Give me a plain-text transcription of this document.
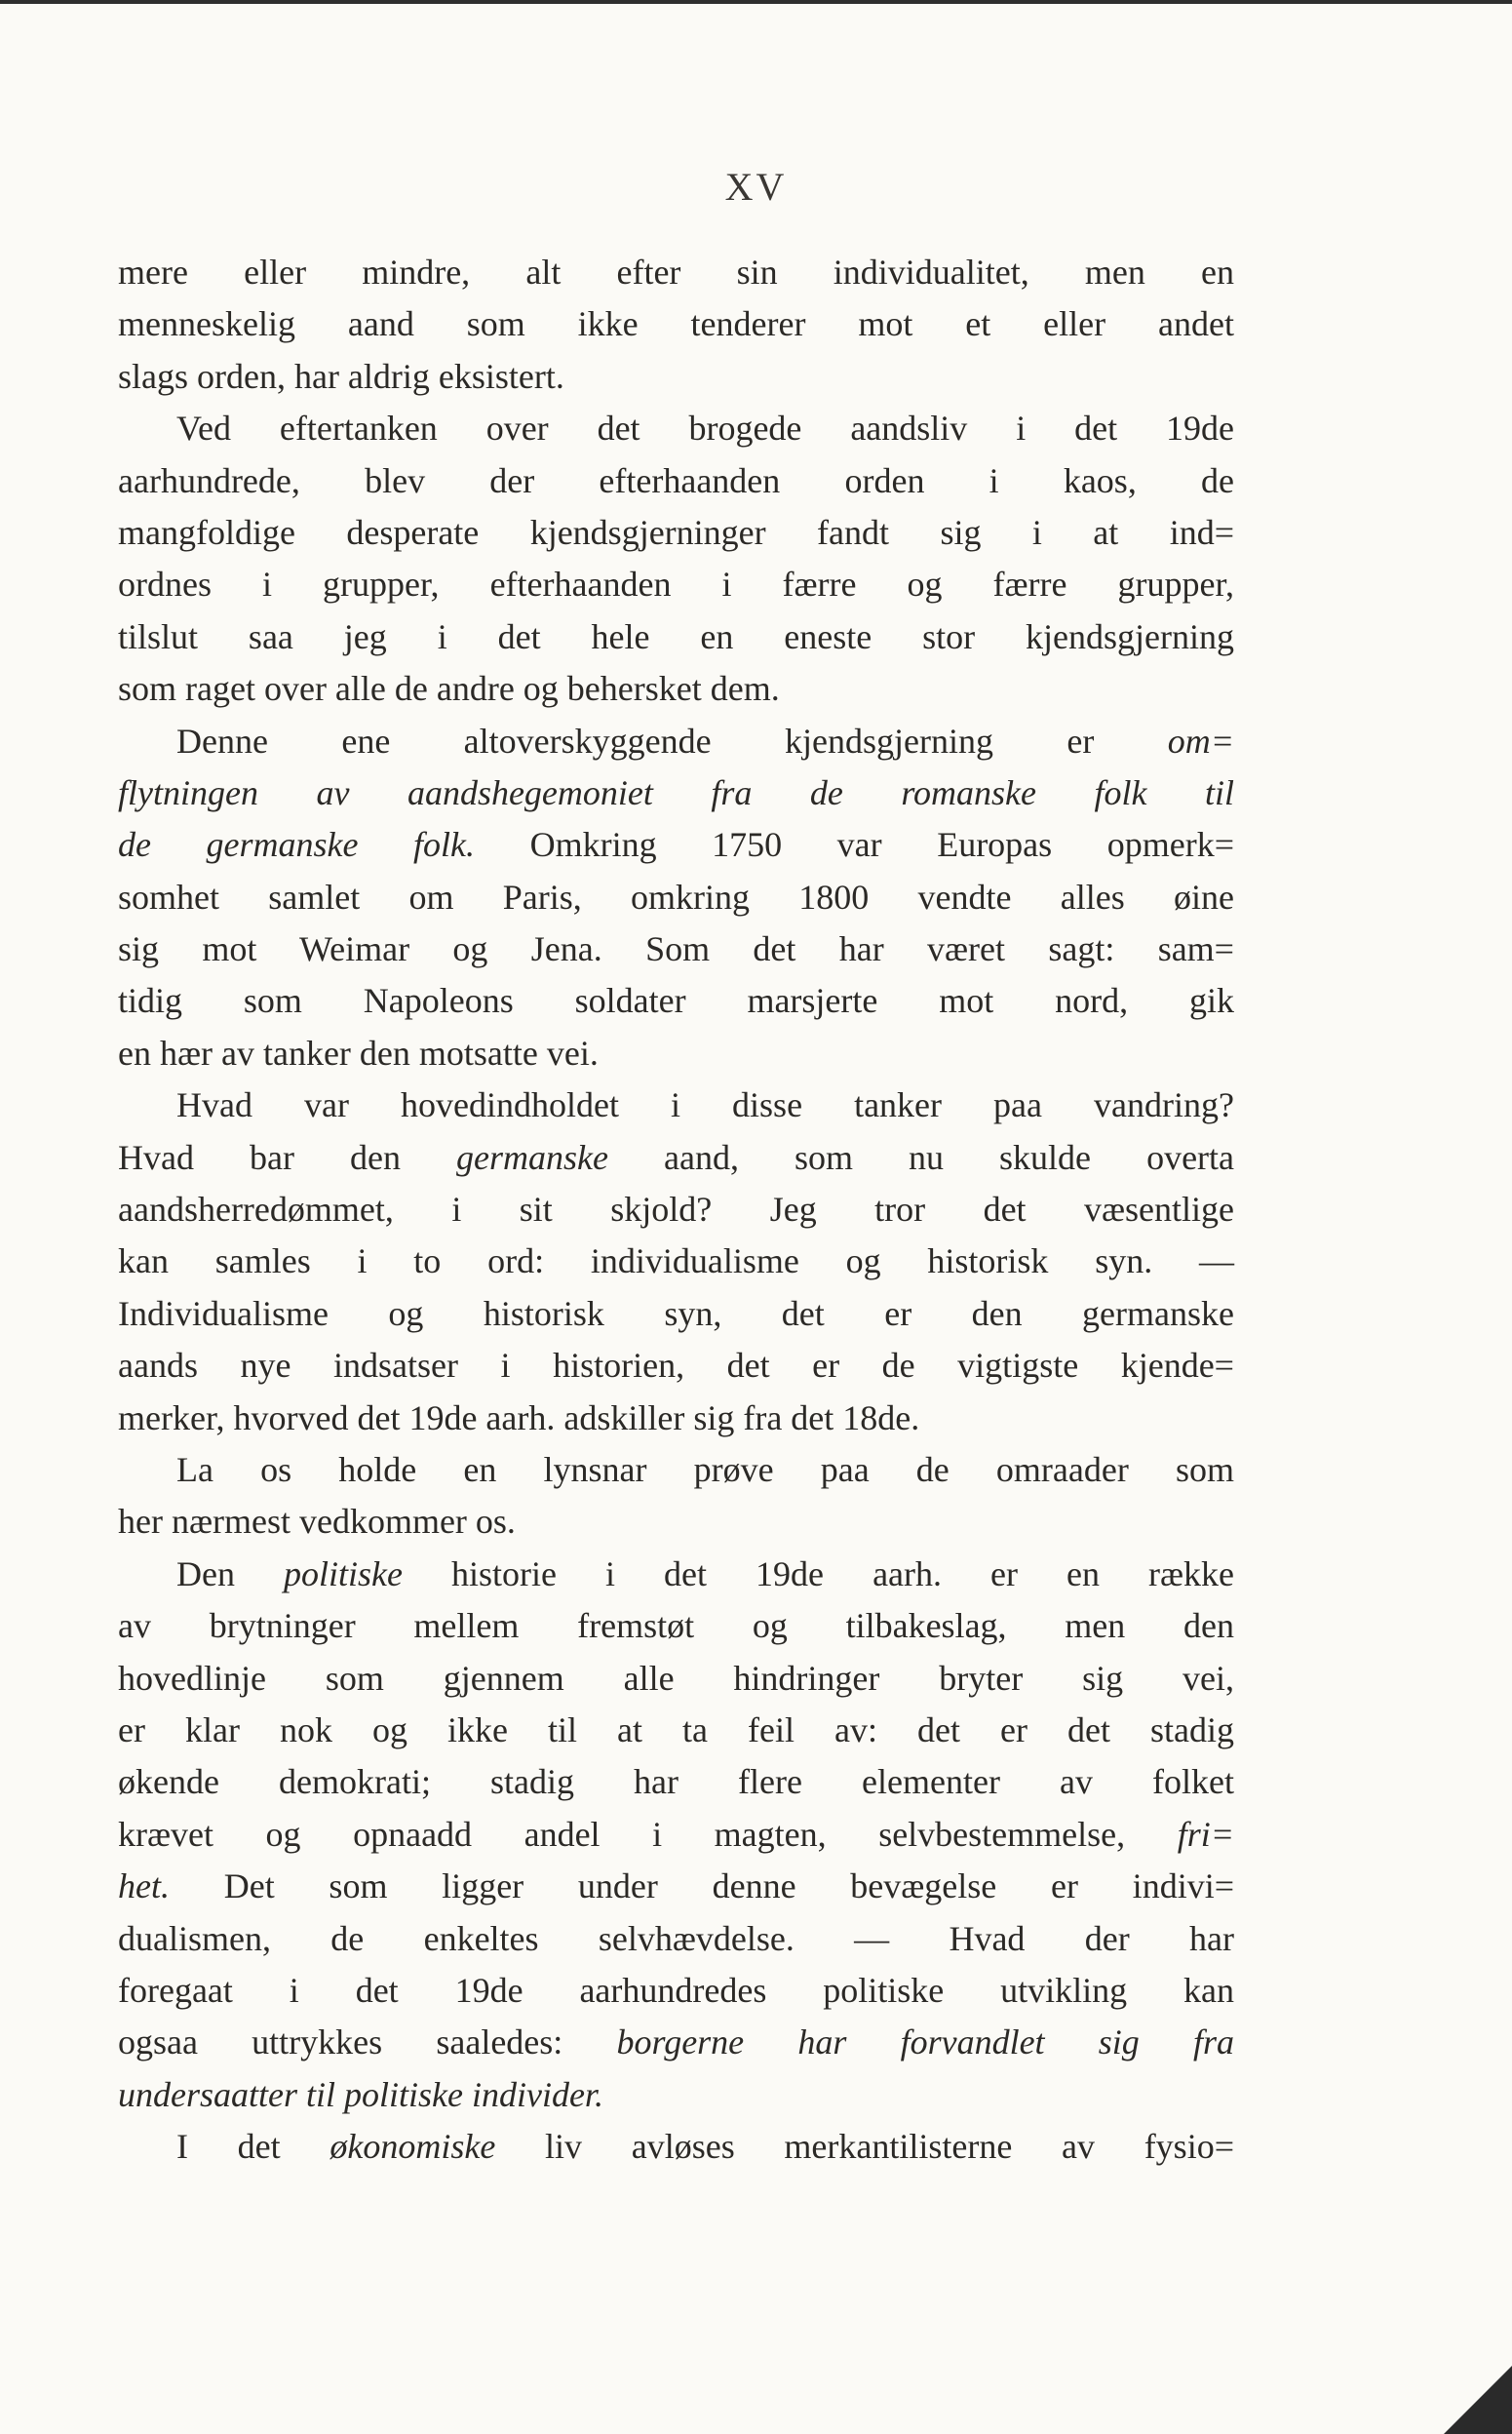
XV
mere eller mindre, alt efter sin individualitet, men en
menneskelig aand som ikke tenderer mot et eller andet
slags orden, har aldrig eksistert.
Ved eftertanken over det brogede aandsliv i det 19de
aarhundrede, blev der efterhaanden orden i kaos, de
mangfoldige desperate kjendsgjerninger fandt sig i at ind=
ordnes i grupper, efterhaanden i færre og færre grupper,
tilslut saa jeg i det hele en eneste stor kjendsgjerning
som raget over alle de andre og behersket dem.
Denne ene altoverskyggende kjendsgjerning er om=
flytningen av aandshegemoniet fra de romanske folk til
de germanske folk. Omkring 1750 var Europas opmerk=
somhet samlet om Paris, omkring 1800 vendte alles øine
sig mot Weimar og Jena. Som det har været sagt: sam=
tidig som Napoleons soldater marsjerte mot nord, gik
en hær av tanker den motsatte vei.
Hvad var hovedindholdet i disse tanker paa vandring?
Hvad bar den germanske aand, som nu skulde overta
aandsherredømmet, i sit skjold? Jeg tror det væsentlige
kan samles i to ord: individualisme og historisk syn. —
Individualisme og historisk syn, det er den germanske
aands nye indsatser i historien, det er de vigtigste kjende=
merker, hvorved det 19de aarh. adskiller sig fra det 18de.
La os holde en lynsnar prøve paa de omraader som
her nærmest vedkommer os.
Den politiske historie i det 19de aarh. er en række
av brytninger mellem fremstøt og tilbakeslag, men den
hovedlinje som gjennem alle hindringer bryter sig vei,
er klar nok og ikke til at ta feil av: det er det stadig
økende demokrati; stadig har flere elementer av folket
krævet og opnaadd andel i magten, selvbestemmelse, fri=
het. Det som ligger under denne bevægelse er indivi=
dualismen, de enkeltes selvhævdelse. — Hvad der har
foregaat i det 19de aarhundredes politiske utvikling kan
ogsaa uttrykkes saaledes: borgerne har forvandlet sig fra
undersaatter til politiske individer.
I det økonomiske liv avløses merkantilisterne av fysio=
